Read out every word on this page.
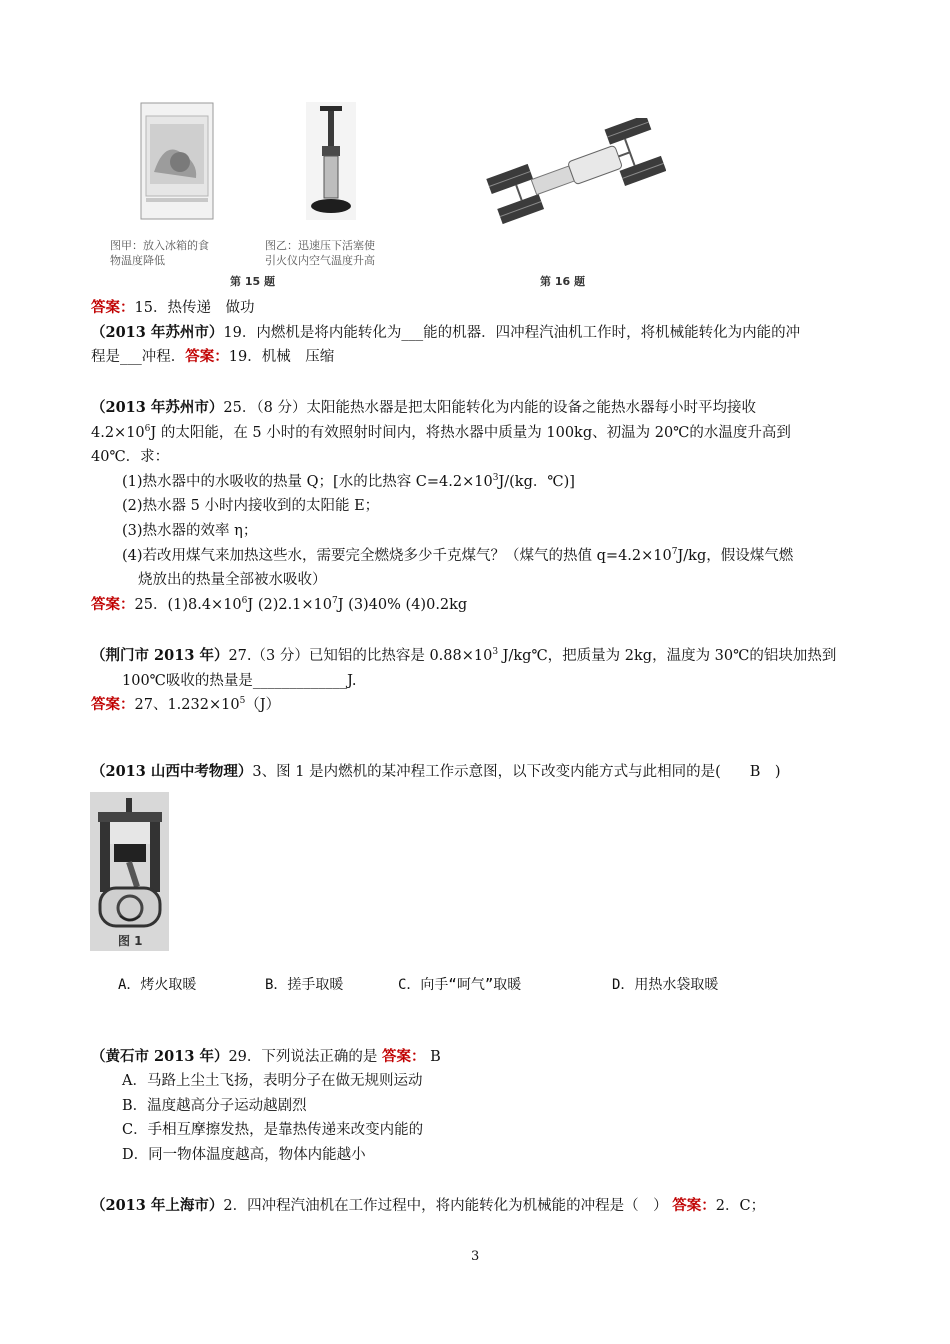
图甲：放入冰箱的食
物温度降低
图乙：迅速压下活塞使
引火仪内空气温度升高
第 15 题	第 16 题
答案：15．热传递　做功
（2013 年苏州市）19．内燃机是将内能转化为___能的机器．四冲程汽油机工作时，将机械能转化为内能的冲
程是___冲程．答案：19．机械　压缩
（2013 年苏州市）25．（8 分）太阳能热水器是把太阳能转化为内能的设备之能热水器每小时平均接收
$4.2\times 10^6J$ 的太阳能，在 5 小时的有效照射时间内，将热水器中质量为 100kg、初温为 20℃的水温度升高到
40℃．求：
(1)热水器中的水吸收的热量 Q；[水的比热容 $C=4.2\times 10^3J/(kg$．℃)]
(2)热水器 5 小时内接收到的太阳能 E；
(3)热水器的效率 η；
(4)若改用煤气来加热这些水，需要完全燃烧多少千克煤气？（煤气的热值 $q=4.2\times 10^7J/kg$，假设煤气燃
烧放出的热量全部被水吸收）
答案：25．$(1)8.4\times 10^6J$ $(2)2.1\times 10^7J$ (3)40% (4)0.2kg
（荆门市 2013 年）27.（3 分）已知铝的比热容是 $0.88\times 10^3$ J/kg℃，把质量为 2kg，温度为 30℃的铝块加热到
100℃吸收的热量是_____________J.
答案：27、$1.232\times 10^5(J)$
（2013 山西中考物理）3、图 1 是内燃机的某冲程工作示意图，以下改变内能方式与此相同的是(　　B　)
图 1
A．烤火取暖	B．搓手取暖	C．向手“呵气”取暖	D．用热水袋取暖
（黄石市 2013 年）29．下列说法正确的是 答案： B
A．马路上尘土飞扬，表明分子在做无规则运动
B．温度越高分子运动越剧烈
C．手相互摩擦发热，是靠热传递来改变内能的
D．同一物体温度越高，物体内能越小
（2013 年上海市）2．四冲程汽油机在工作过程中，将内能转化为机械能的冲程是（　） 答案：2．C；
3
